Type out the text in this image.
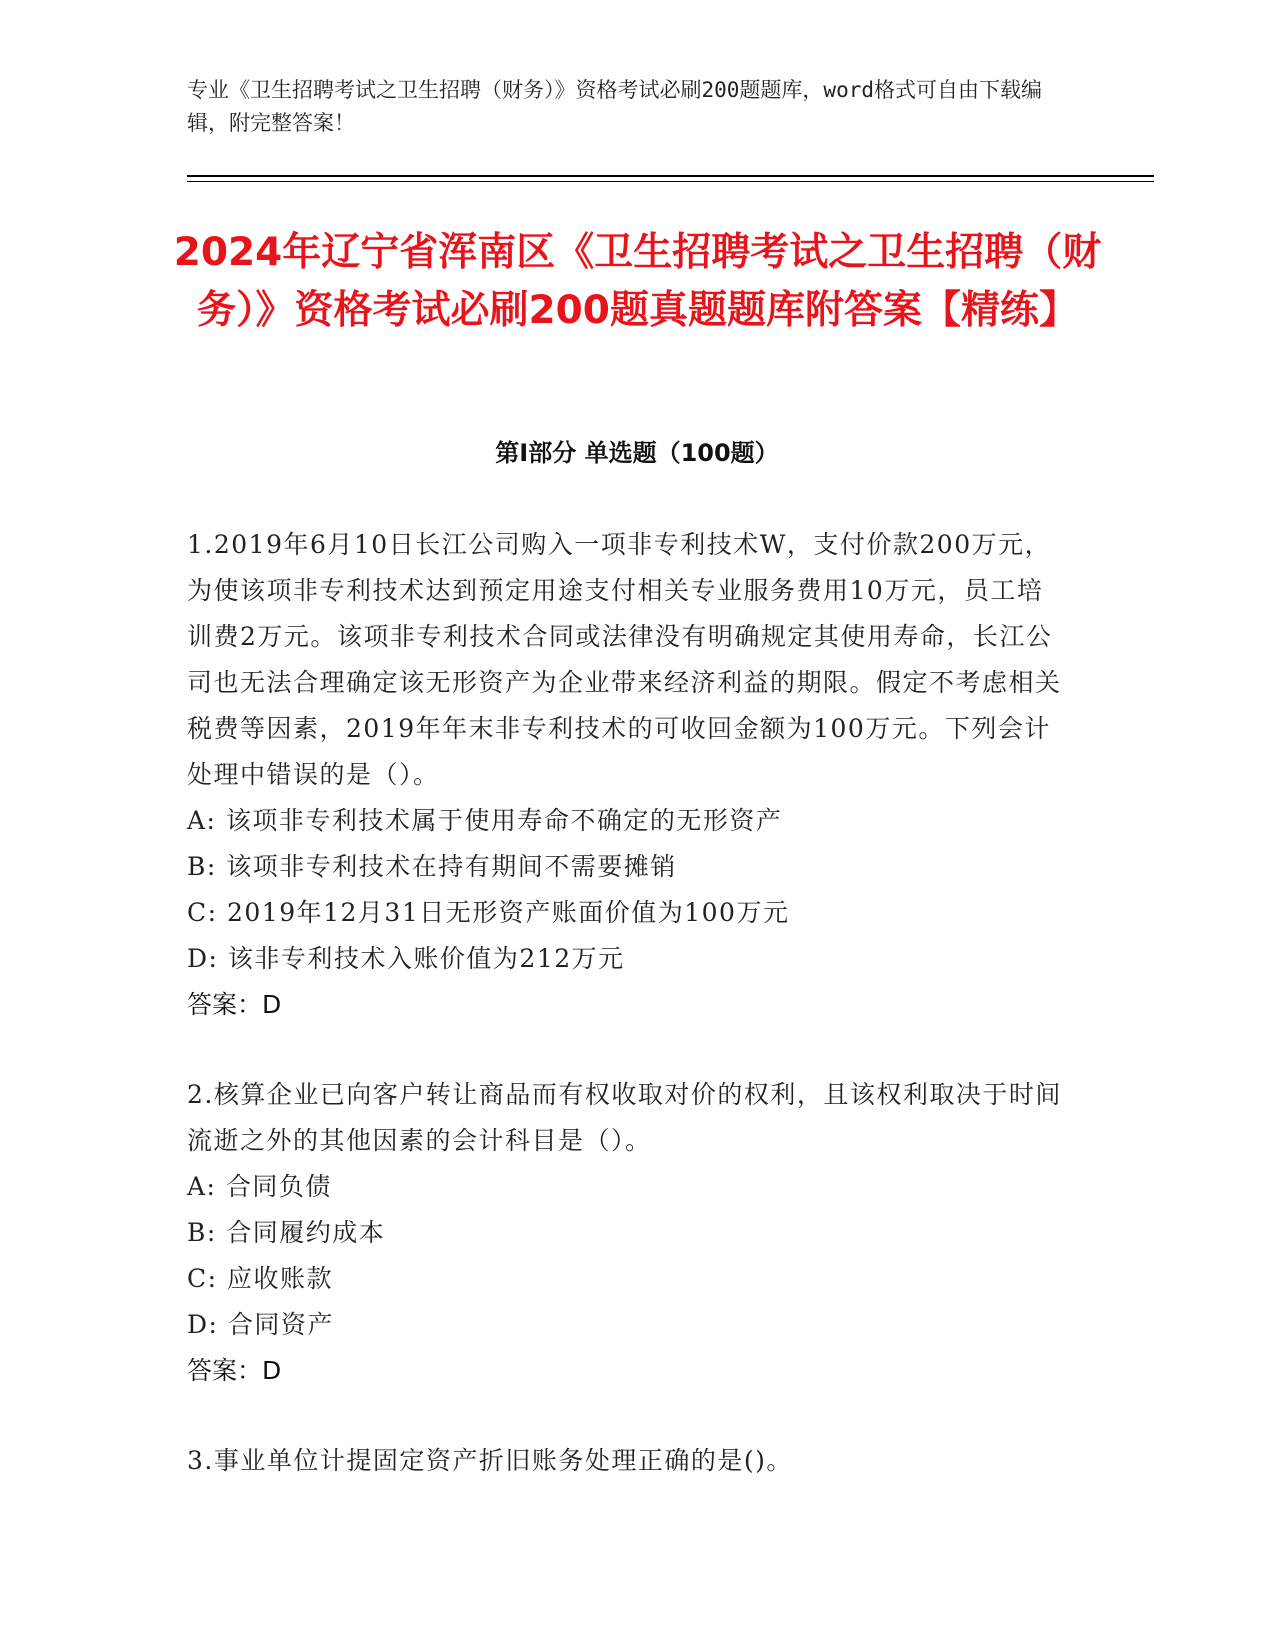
专业《卫生招聘考试之卫生招聘（财务）》资格考试必刷200题题库，word格式可自由下载编辑，附完整答案！
2024年辽宁省浑南区《卫生招聘考试之卫生招聘（财务）》资格考试必刷200题真题题库附答案【精练】
第Ⅰ部分 单选题（100题）

1.2019年6月10日长江公司购入一项非专利技术W，支付价款200万元，为使该项非专利技术达到预定用途支付相关专业服务费用10万元，员工培训费2万元。该项非专利技术合同或法律没有明确规定其使用寿命，长江公司也无法合理确定该无形资产为企业带来经济利益的期限。假定不考虑相关税费等因素，2019年年末非专利技术的可收回金额为100万元。下列会计处理中错误的是（）。

A: 该项非专利技术属于使用寿命不确定的无形资产

B: 该项非专利技术在持有期间不需要摊销

C: 2019年12月31日无形资产账面价值为100万元

D: 该非专利技术入账价值为212万元

答案：D

2.核算企业已向客户转让商品而有权收取对价的权利，且该权利取决于时间流逝之外的其他因素的会计科目是（）。

A: 合同负债

B: 合同履约成本

C: 应收账款

D: 合同资产

答案：D

3.事业单位计提固定资产折旧账务处理正确的是()。
